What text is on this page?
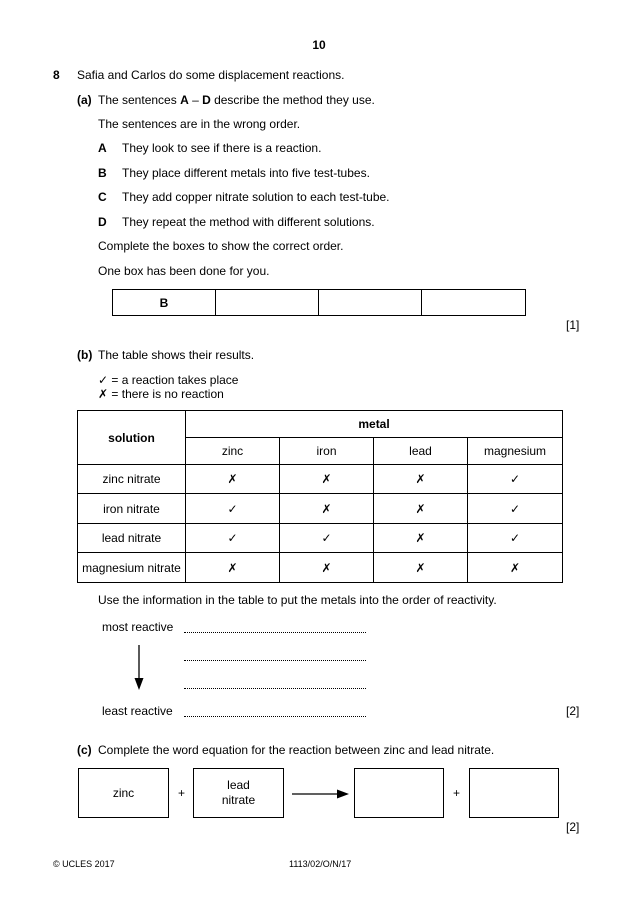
10
8 Safia and Carlos do some displacement reactions.
(a) The sentences A – D describe the method they use.
The sentences are in the wrong order.
A They look to see if there is a reaction.
B They place different metals into five test-tubes.
C They add copper nitrate solution to each test-tube.
D They repeat the method with different solutions.
Complete the boxes to show the correct order.
One box has been done for you.
B
[1]
(b) The table shows their results.
✓ = a reaction takes place
✗ = there is no reaction
solution	metal			
	zinc	iron	lead	magnesium
zinc nitrate	✗	✗	✗	✓
iron nitrate	✓	✗	✗	✓
lead nitrate	✓	✓	✗	✓
magnesium nitrate	✗	✗	✗	✗
Use the information in the table to put the metals into the order of reactivity.
most reactive
least reactive	[2]
(c) Complete the word equation for the reaction between zinc and lead nitrate.
zinc	+
lead
nitrate	+
[2]
© UCLES 2017	1113/02/O/N/17
